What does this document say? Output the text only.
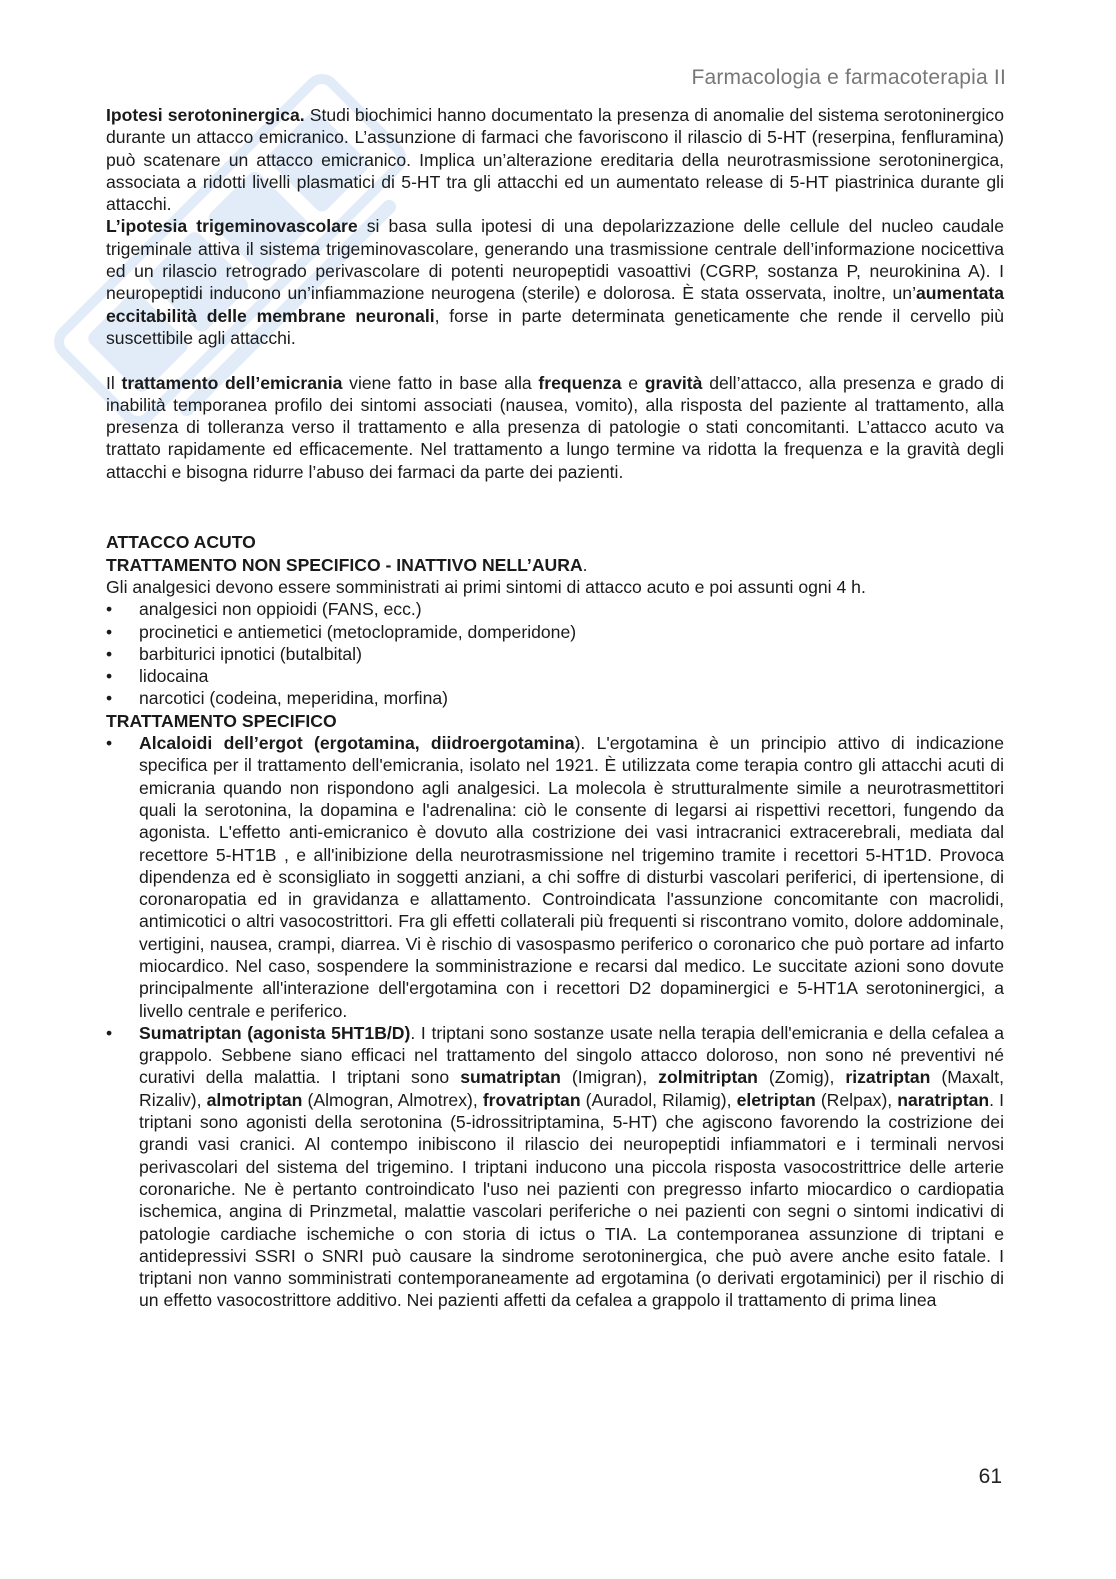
Farmacologia e farmacoterapia II

Ipotesi serotoninergica. Studi biochimici hanno documentato la presenza di anomalie del sistema serotoninergico durante un attacco emicranico. L’assunzione di farmaci che favoriscono il rilascio di 5-HT (reserpina, fenfluramina) può scatenare un attacco emicranico. Implica un’alterazione ereditaria della neurotrasmissione serotoninergica, associata a ridotti livelli plasmatici di 5-HT tra gli attacchi ed un aumentato release di 5-HT piastrinica durante gli attacchi.
L’ipotesia trigeminovascolare si basa sulla ipotesi di una depolarizzazione delle cellule del nucleo caudale trigeminale attiva il sistema trigeminovascolare, generando una trasmissione centrale dell’informazione nocicettiva ed un rilascio retrogrado perivascolare di potenti neuropeptidi vasoattivi (CGRP, sostanza P, neurokinina A). I neuropeptidi inducono un’infiammazione neurogena (sterile) e dolorosa. È stata osservata, inoltre, un’aumentata eccitabilità delle membrane neuronali, forse in parte determinata geneticamente che rende il cervello più suscettibile agli attacchi.

Il trattamento dell’emicrania viene fatto in base alla frequenza e gravità dell’attacco, alla presenza e grado di inabilità temporanea profilo dei sintomi associati (nausea, vomito), alla risposta del paziente al trattamento, alla presenza di tolleranza verso il trattamento e alla presenza di patologie o stati concomitanti. L’attacco acuto va trattato rapidamente ed efficacemente. Nel trattamento a lungo termine va ridotta la frequenza e la gravità degli attacchi e bisogna ridurre l’abuso dei farmaci da parte dei pazienti.

ATTACCO ACUTO

TRATTAMENTO NON SPECIFICO - INATTIVO NELL’AURA.

Gli analgesici devono essere somministrati ai primi sintomi di attacco acuto e poi assunti ogni 4 h.

• analgesici non oppioidi (FANS, ecc.)
• procinetici e antiemetici (metoclopramide, domperidone)
• barbiturici ipnotici (butalbital)
• lidocaina
• narcotici (codeina, meperidina, morfina)

TRATTAMENTO SPECIFICO

• Alcaloidi dell’ergot (ergotamina, diidroergotamina). L'ergotamina è un principio attivo di indicazione specifica per il trattamento dell'emicrania, isolato nel 1921. È utilizzata come terapia contro gli attacchi acuti di emicrania quando non rispondono agli analgesici. La molecola è strutturalmente simile a neurotrasmettitori quali la serotonina, la dopamina e l'adrenalina: ciò le consente di legarsi ai rispettivi recettori, fungendo da agonista. L'effetto anti-emicranico è dovuto alla costrizione dei vasi intracranici extracerebrali, mediata dal recettore 5-HT1B , e all'inibizione della neurotrasmissione nel trigemino tramite i recettori 5-HT1D. Provoca dipendenza ed è sconsigliato in soggetti anziani, a chi soffre di disturbi vascolari periferici, di ipertensione, di coronaropatia ed in gravidanza e allattamento. Controindicata l'assunzione concomitante con macrolidi, antimicotici o altri vasocostrittori. Fra gli effetti collaterali più frequenti si riscontrano vomito, dolore addominale, vertigini, nausea, crampi, diarrea. Vi è rischio di vasospasmo periferico o coronarico che può portare ad infarto miocardico. Nel caso, sospendere la somministrazione e recarsi dal medico. Le succitate azioni sono dovute principalmente all'interazione dell'ergotamina con i recettori D2 dopaminergici e 5-HT1A serotoninergici, a livello centrale e periferico.
• Sumatriptan (agonista 5HT1B/D). I triptani sono sostanze usate nella terapia dell'emicrania e della cefalea a grappolo. Sebbene siano efficaci nel trattamento del singolo attacco doloroso, non sono né preventivi né curativi della malattia. I triptani sono sumatriptan (Imigran), zolmitriptan (Zomig), rizatriptan (Maxalt, Rizaliv), almotriptan (Almogran, Almotrex), frovatriptan (Auradol, Rilamig), eletriptan (Relpax), naratriptan. I triptani sono agonisti della serotonina (5-idrossitriptamina, 5-HT) che agiscono favorendo la costrizione dei grandi vasi cranici. Al contempo inibiscono il rilascio dei neuropeptidi infiammatori e i terminali nervosi perivascolari del sistema del trigemino. I triptani inducono una piccola risposta vasocostrittrice delle arterie coronariche. Ne è pertanto controindicato l'uso nei pazienti con pregresso infarto miocardico o cardiopatia ischemica, angina di Prinzmetal, malattie vascolari periferiche o nei pazienti con segni o sintomi indicativi di patologie cardiache ischemiche o con storia di ictus o TIA. La contemporanea assunzione di triptani e antidepressivi SSRI o SNRI può causare la sindrome serotoninergica, che può avere anche esito fatale. I triptani non vanno somministrati contemporaneamente ad ergotamina (o derivati ergotaminici) per il rischio di un effetto vasocostrittore additivo. Nei pazienti affetti da cefalea a grappolo il trattamento di prima linea
61
